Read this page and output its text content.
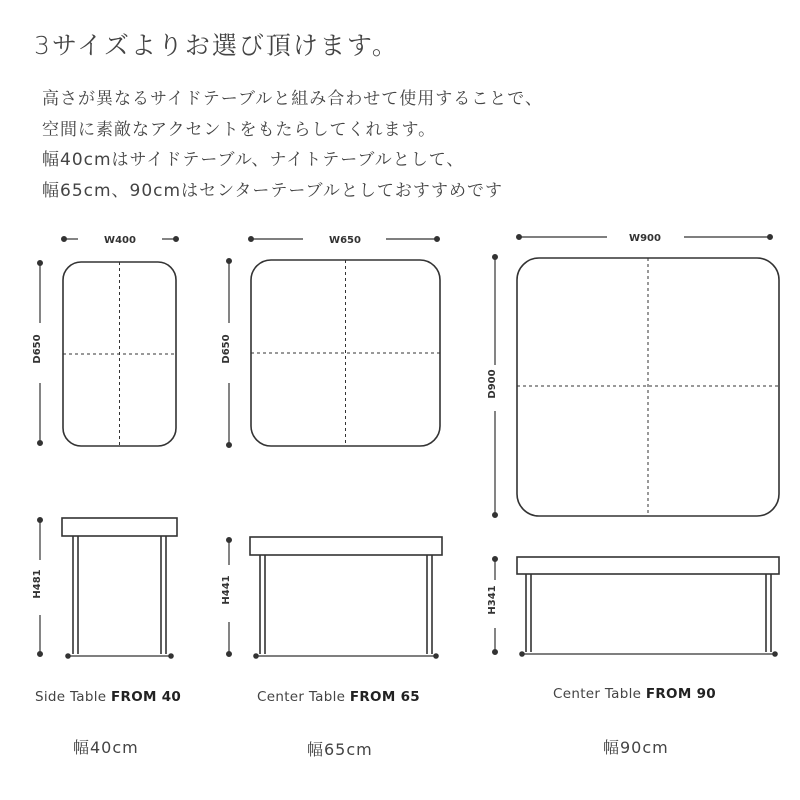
3サイズよりお選び頂けます。
高さが異なるサイドテーブルと組み合わせて使用することで、
空間に素敵なアクセントをもたらしてくれます。
幅40cmはサイドテーブル、ナイトテーブルとして、
幅65cm、90cmはセンターテーブルとしておすすめです
W400	W650	W900
D650	D650
D900
H481	H441	H341
Side Table FROM 40	Center Table FROM 65	Center Table FROM 90
幅40cm	幅65cm	幅90cm
